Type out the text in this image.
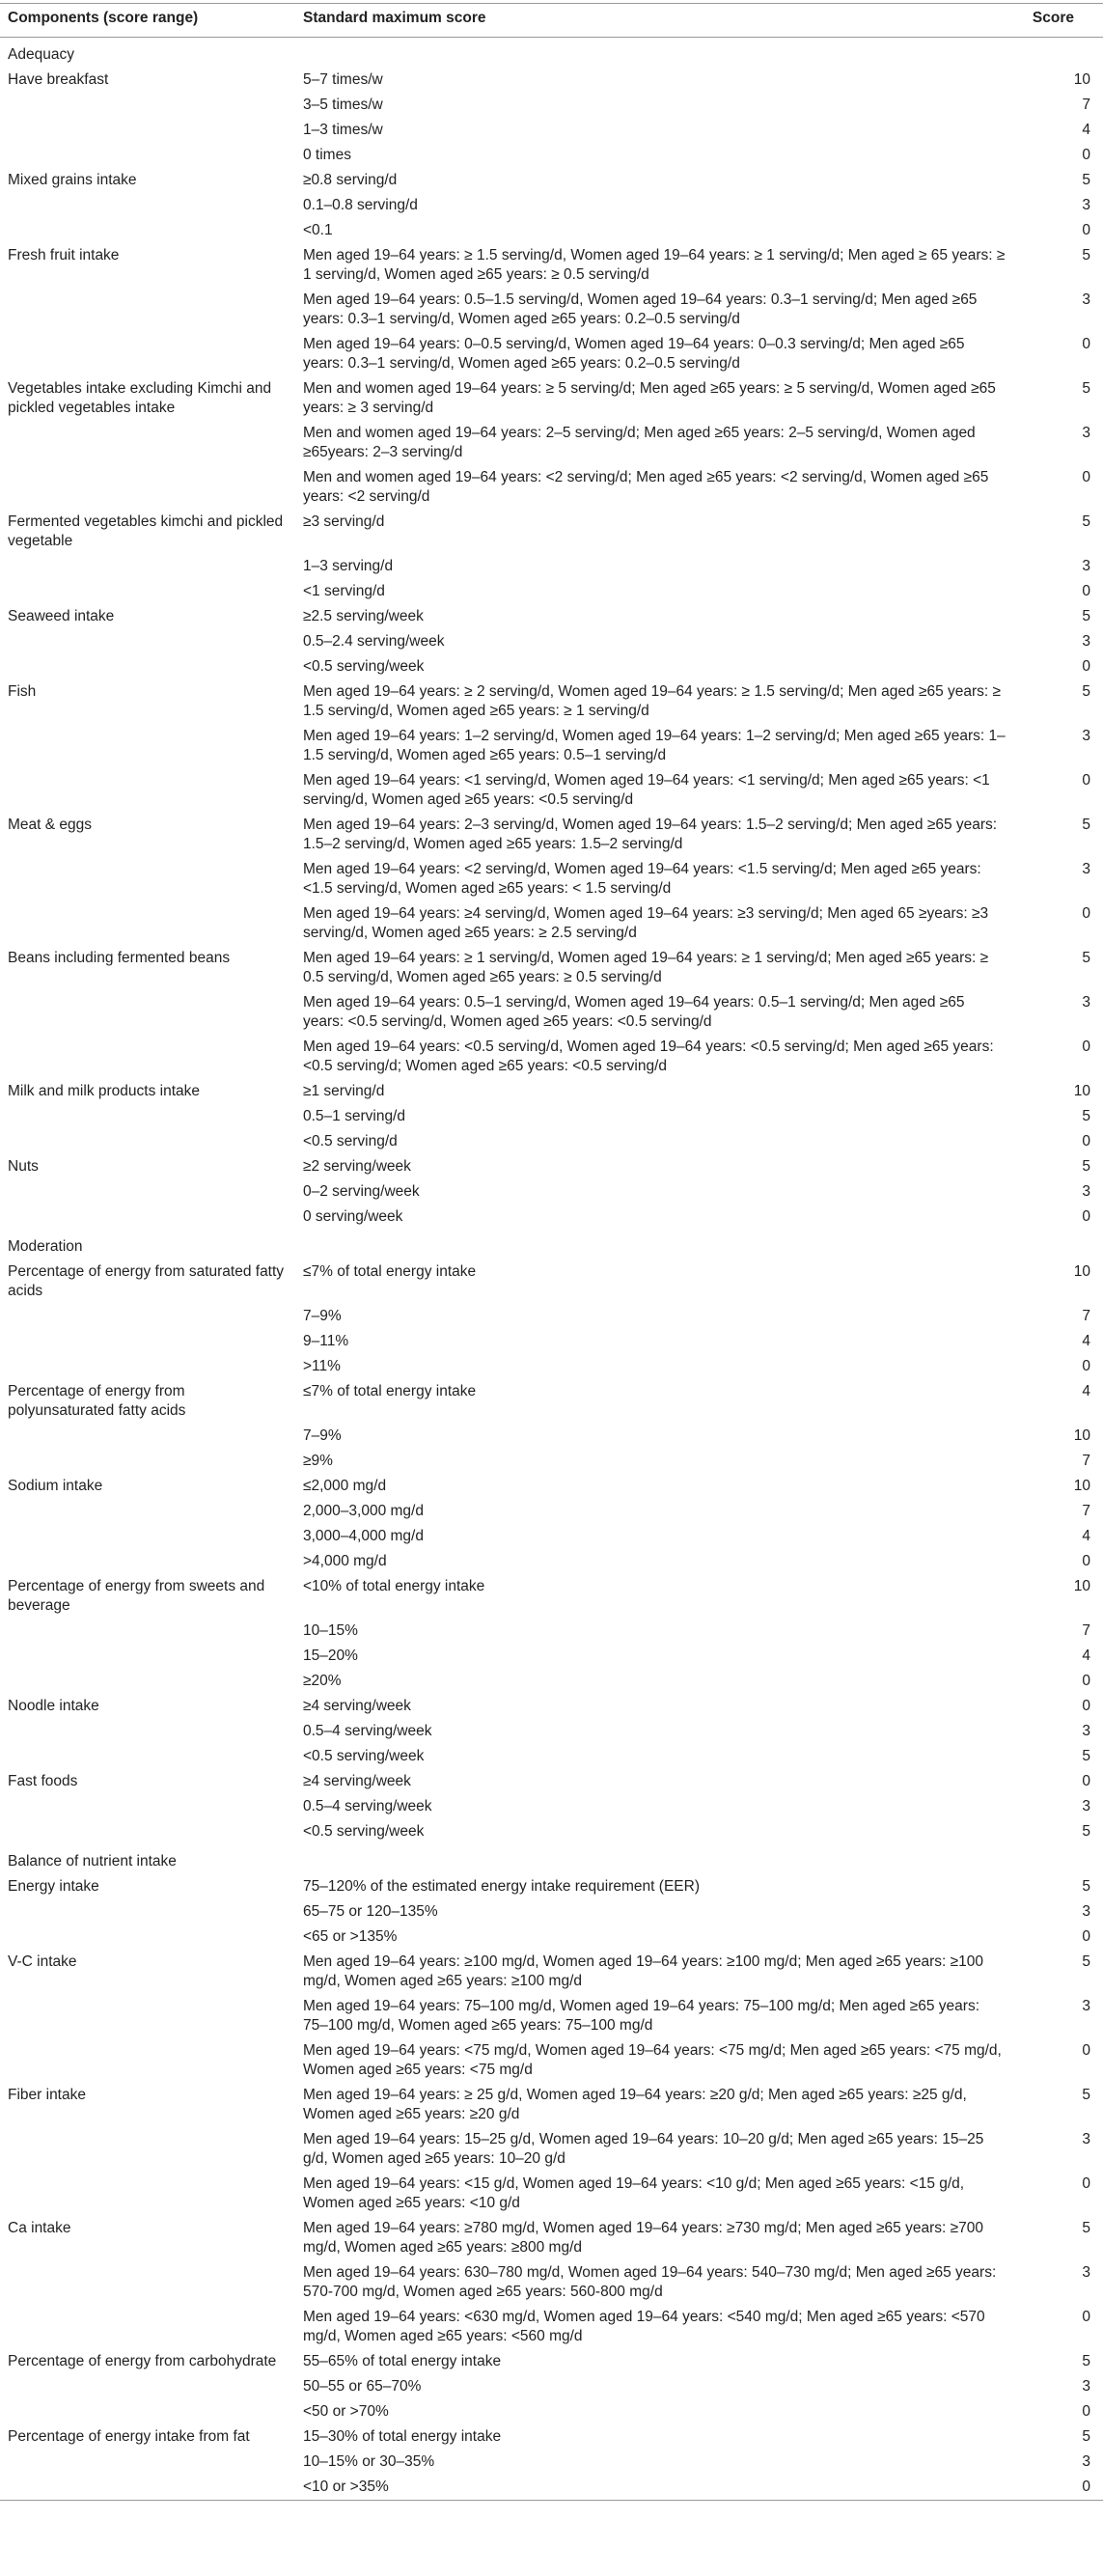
Components (score range)	Standard maximum score	Score
Adequacy		
Have breakfast	5–7 times/w	10
	3–5 times/w	7
	1–3 times/w	4
	0 times	0
Mixed grains intake	≥0.8 serving/d	5
	0.1–0.8 serving/d	3
	<0.1	0
Fresh fruit intake	Men aged 19–64 years: ≥ 1.5 serving/d, Women aged 19–64 years: ≥ 1 serving/d; Men aged ≥ 65 years: ≥ 1 serving/d, Women aged ≥65 years: ≥ 0.5 serving/d	5
	Men aged 19–64 years: 0.5–1.5 serving/d, Women aged 19–64 years: 0.3–1 serving/d; Men aged ≥65 years: 0.3–1 serving/d, Women aged ≥65 years: 0.2–0.5 serving/d	3
	Men aged 19–64 years: 0–0.5 serving/d, Women aged 19–64 years: 0–0.3 serving/d; Men aged ≥65 years: 0.3–1 serving/d, Women aged ≥65 years: 0.2–0.5 serving/d	0
Vegetables intake excluding Kimchi and pickled vegetables intake	Men and women aged 19–64 years: ≥ 5 serving/d; Men aged ≥65 years: ≥ 5 serving/d, Women aged ≥65 years: ≥ 3 serving/d	5
	Men and women aged 19–64 years: 2–5 serving/d; Men aged ≥65 years: 2–5 serving/d, Women aged ≥65years: 2–3 serving/d	3
	Men and women aged 19–64 years: <2 serving/d; Men aged ≥65 years: <2 serving/d, Women aged ≥65 years: <2 serving/d	0
Fermented vegetables kimchi and pickled vegetable	≥3 serving/d	5
	1–3 serving/d	3
	<1 serving/d	0
Seaweed intake	≥2.5 serving/week	5
	0.5–2.4 serving/week	3
	<0.5 serving/week	0
Fish	Men aged 19–64 years: ≥ 2 serving/d, Women aged 19–64 years: ≥ 1.5 serving/d; Men aged ≥65 years: ≥ 1.5 serving/d, Women aged ≥65 years: ≥ 1 serving/d	5
	Men aged 19–64 years: 1–2 serving/d, Women aged 19–64 years: 1–2 serving/d; Men aged ≥65 years: 1–1.5 serving/d, Women aged ≥65 years: 0.5–1 serving/d	3
	Men aged 19–64 years: <1 serving/d, Women aged 19–64 years: <1 serving/d; Men aged ≥65 years: <1 serving/d, Women aged ≥65 years: <0.5 serving/d	0
Meat & eggs	Men aged 19–64 years: 2–3 serving/d, Women aged 19–64 years: 1.5–2 serving/d; Men aged ≥65 years: 1.5–2 serving/d, Women aged ≥65 years: 1.5–2 serving/d	5
	Men aged 19–64 years: <2 serving/d, Women aged 19–64 years: <1.5 serving/d; Men aged ≥65 years: <1.5 serving/d, Women aged ≥65 years: < 1.5 serving/d	3
	Men aged 19–64 years: ≥4 serving/d, Women aged 19–64 years: ≥3 serving/d; Men aged 65 ≥years: ≥3 serving/d, Women aged ≥65 years: ≥ 2.5 serving/d	0
Beans including fermented beans	Men aged 19–64 years: ≥ 1 serving/d, Women aged 19–64 years: ≥ 1 serving/d; Men aged ≥65 years: ≥ 0.5 serving/d, Women aged ≥65 years: ≥ 0.5 serving/d	5
	Men aged 19–64 years: 0.5–1 serving/d, Women aged 19–64 years: 0.5–1 serving/d; Men aged ≥65 years: <0.5 serving/d, Women aged ≥65 years: <0.5 serving/d	3
	Men aged 19–64 years: <0.5 serving/d, Women aged 19–64 years: <0.5 serving/d; Men aged ≥65 years: <0.5 serving/d; Women aged ≥65 years: <0.5 serving/d	0
Milk and milk products intake	≥1 serving/d	10
	0.5–1 serving/d	5
	<0.5 serving/d	0
Nuts	≥2 serving/week	5
	0–2 serving/week	3
	0 serving/week	0
Moderation		
Percentage of energy from saturated fatty acids	≤7% of total energy intake	10
	7–9%	7
	9–11%	4
	>11%	0
Percentage of energy from polyunsaturated fatty acids	≤7% of total energy intake	4
	7–9%	10
	≥9%	7
Sodium intake	≤2,000 mg/d	10
	2,000–3,000 mg/d	7
	3,000–4,000 mg/d	4
	>4,000 mg/d	0
Percentage of energy from sweets and beverage	<10% of total energy intake	10
	10–15%	7
	15–20%	4
	≥20%	0
Noodle intake	≥4 serving/week	0
	0.5–4 serving/week	3
	<0.5 serving/week	5
Fast foods	≥4 serving/week	0
	0.5–4 serving/week	3
	<0.5 serving/week	5
Balance of nutrient intake		
Energy intake	75–120% of the estimated energy intake requirement (EER)	5
	65–75 or 120–135%	3
	<65 or >135%	0
V-C intake	Men aged 19–64 years: ≥100 mg/d, Women aged 19–64 years: ≥100 mg/d; Men aged ≥65 years: ≥100 mg/d, Women aged ≥65 years: ≥100 mg/d	5
	Men aged 19–64 years: 75–100 mg/d, Women aged 19–64 years: 75–100 mg/d; Men aged ≥65 years: 75–100 mg/d, Women aged ≥65 years: 75–100 mg/d	3
	Men aged 19–64 years: <75 mg/d, Women aged 19–64 years: <75 mg/d; Men aged ≥65 years: <75 mg/d, Women aged ≥65 years: <75 mg/d	0
Fiber intake	Men aged 19–64 years: ≥ 25 g/d, Women aged 19–64 years: ≥20 g/d; Men aged ≥65 years: ≥25 g/d, Women aged ≥65 years: ≥20 g/d	5
	Men aged 19–64 years: 15–25 g/d, Women aged 19–64 years: 10–20 g/d; Men aged ≥65 years: 15–25 g/d, Women aged ≥65 years: 10–20 g/d	3
	Men aged 19–64 years: <15 g/d, Women aged 19–64 years: <10 g/d; Men aged ≥65 years: <15 g/d, Women aged ≥65 years: <10 g/d	0
Ca intake	Men aged 19–64 years: ≥780 mg/d, Women aged 19–64 years: ≥730 mg/d; Men aged ≥65 years: ≥700 mg/d, Women aged ≥65 years: ≥800 mg/d	5
	Men aged 19–64 years: 630–780 mg/d, Women aged 19–64 years: 540–730 mg/d; Men aged ≥65 years: 570-700 mg/d, Women aged ≥65 years: 560-800 mg/d	3
	Men aged 19–64 years: <630 mg/d, Women aged 19–64 years: <540 mg/d; Men aged ≥65 years: <570 mg/d, Women aged ≥65 years: <560 mg/d	0
Percentage of energy from carbohydrate	55–65% of total energy intake	5
	50–55 or 65–70%	3
	<50 or >70%	0
Percentage of energy intake from fat	15–30% of total energy intake	5
	10–15% or 30–35%	3
	<10 or >35%	0
